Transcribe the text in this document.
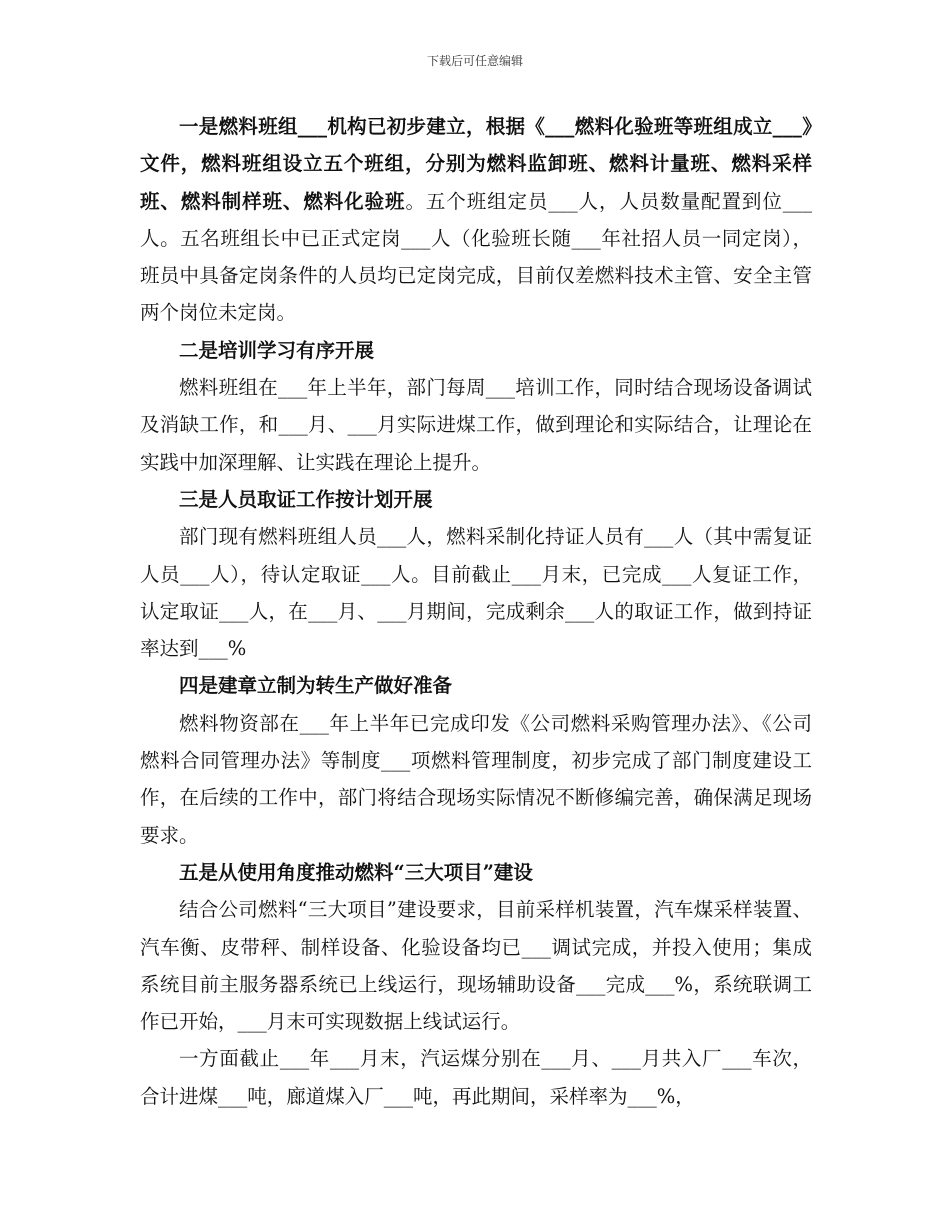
下载后可任意编辑

一是燃料班组___机构已初步建立，根据《___燃料化验班等班组成立___》文件，燃料班组设立五个班组，分别为燃料监卸班、燃料计量班、燃料采样班、燃料制样班、燃料化验班。五个班组定员___人，人员数量配置到位___人。五名班组长中已正式定岗___人（化验班长随___年社招人员一同定岗），班员中具备定岗条件的人员均已定岗完成，目前仅差燃料技术主管、安全主管两个岗位未定岗。

二是培训学习有序开展

燃料班组在___年上半年，部门每周___培训工作，同时结合现场设备调试及消缺工作，和___月、___月实际进煤工作，做到理论和实际结合，让理论在实践中加深理解、让实践在理论上提升。

三是人员取证工作按计划开展

部门现有燃料班组人员___人，燃料采制化持证人员有___人（其中需复证人员___人），待认定取证___人。目前截止___月末，已完成___人复证工作，认定取证___人，在___月、___月期间，完成剩余___人的取证工作，做到持证率达到___%

四是建章立制为转生产做好准备

燃料物资部在___年上半年已完成印发《公司燃料采购管理办法》、《公司燃料合同管理办法》等制度___项燃料管理制度，初步完成了部门制度建设工作，在后续的工作中，部门将结合现场实际情况不断修编完善，确保满足现场要求。

五是从使用角度推动燃料“三大项目”建设

结合公司燃料“三大项目”建设要求，目前采样机装置，汽车煤采样装置、汽车衡、皮带秤、制样设备、化验设备均已___调试完成，并投入使用；集成系统目前主服务器系统已上线运行，现场辅助设备___完成___%，系统联调工作已开始，___月末可实现数据上线试运行。

一方面截止___年___月末，汽运煤分别在___月、___月共入厂___车次，合计进煤___吨，廊道煤入厂___吨，再此期间，采样率为___%，
